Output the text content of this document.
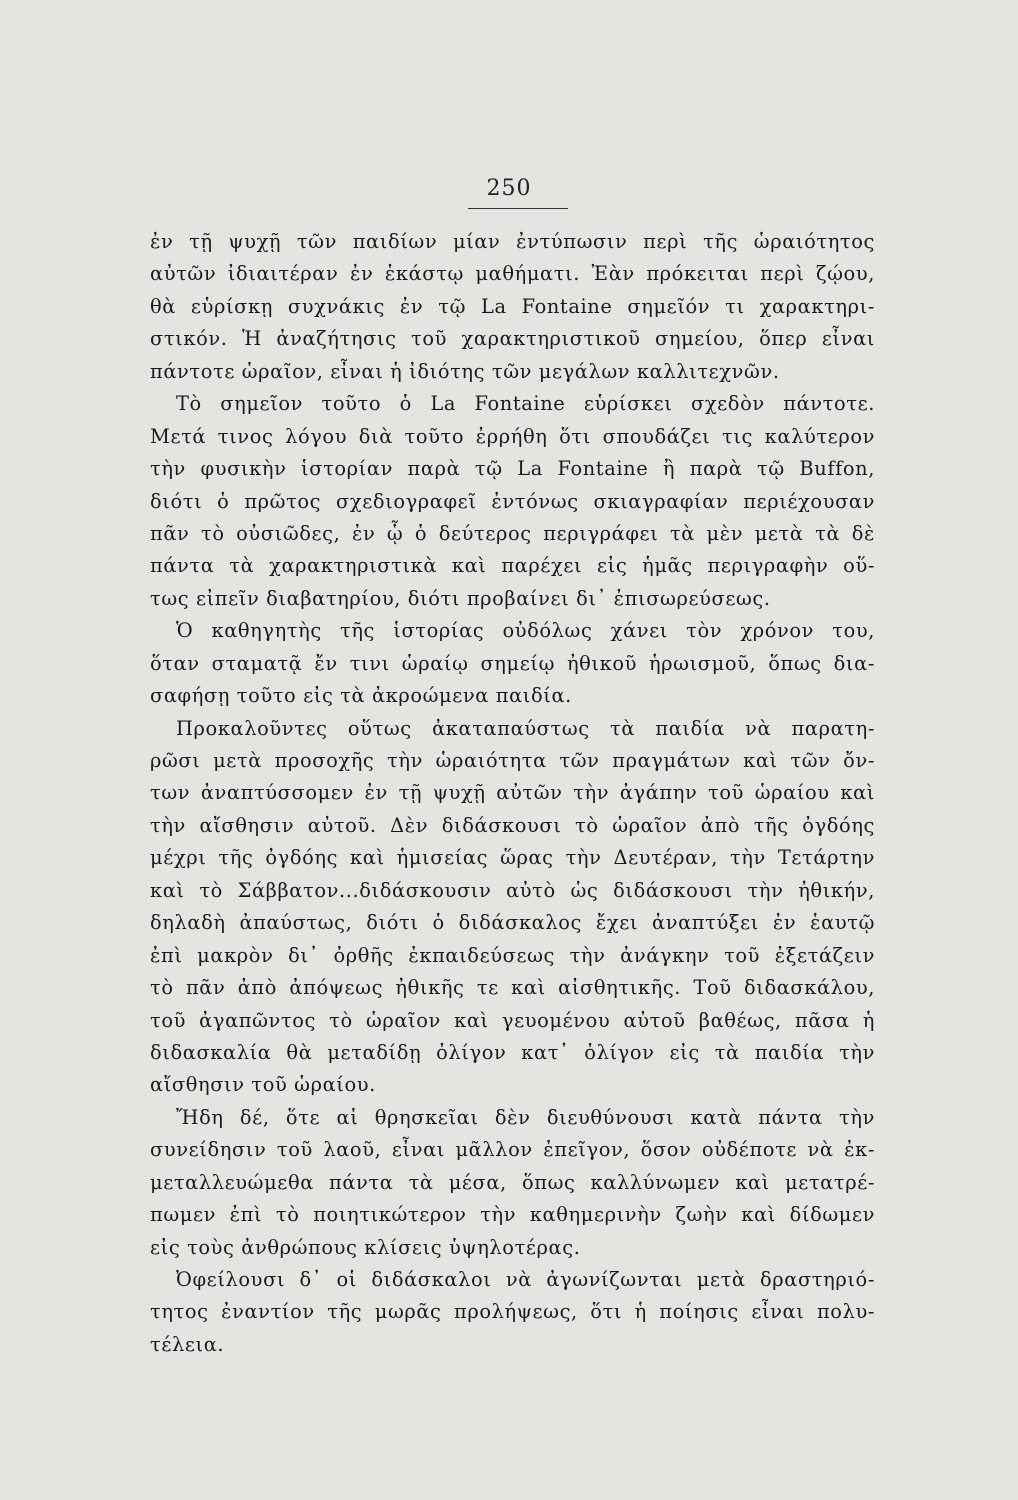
250
ἐν τῇ ψυχῇ τῶν παιδίων μίαν ἐντύπωσιν περὶ τῆς ὡραιότητος
αὐτῶν ἰδιαιτέραν ἐν ἑκάστῳ μαθήματι. Ἐὰν πρόκειται περὶ ζῴου,
θὰ εὑρίσκῃ συχνάκις ἐν τῷ La Fontaine σημεῖόν τι χαρακτηρι-
στικόν. Ἡ ἀναζήτησις τοῦ χαρακτηριστικοῦ σημείου, ὅπερ εἶναι
πάντοτε ὡραῖον, εἶναι ἡ ἰδιότης τῶν μεγάλων καλλιτεχνῶν.
Τὸ σημεῖον τοῦτο ὁ La Fontaine εὑρίσκει σχεδὸν πάντοτε.
Μετά τινος λόγου διὰ τοῦτο ἐρρήθη ὅτι σπουδάζει τις καλύτερον
τὴν φυσικὴν ἱστορίαν παρὰ τῷ La Fontaine ἢ παρὰ τῷ Buffon,
διότι ὁ πρῶτος σχεδιογραφεῖ ἐντόνως σκιαγραφίαν περιέχουσαν
πᾶν τὸ οὐσιῶδες, ἐν ᾧ ὁ δεύτερος περιγράφει τὰ μὲν μετὰ τὰ δὲ
πάντα τὰ χαρακτηριστικὰ καὶ παρέχει εἰς ἡμᾶς περιγραφὴν οὕ-
τως εἰπεῖν διαβατηρίου, διότι προβαίνει δι᾽ ἐπισωρεύσεως.
Ὁ καθηγητὴς τῆς ἱστορίας οὐδόλως χάνει τὸν χρόνον του,
ὅταν σταματᾷ ἔν τινι ὡραίῳ σημείῳ ἠθικοῦ ἡρωισμοῦ, ὅπως δια-
σαφήσῃ τοῦτο εἰς τὰ ἀκροώμενα παιδία.
Προκαλοῦντες οὕτως ἀκαταπαύστως τὰ παιδία νὰ παρατη-
ρῶσι μετὰ προσοχῆς τὴν ὡραιότητα τῶν πραγμάτων καὶ τῶν ὄν-
των ἀναπτύσσομεν ἐν τῇ ψυχῇ αὐτῶν τὴν ἀγάπην τοῦ ὡραίου καὶ
τὴν αἴσθησιν αὐτοῦ. Δὲν διδάσκουσι τὸ ὡραῖον ἀπὸ τῆς ὀγδόης
μέχρι τῆς ὀγδόης καὶ ἡμισείας ὥρας τὴν Δευτέραν, τὴν Τετάρτην
καὶ τὸ Σάββατον...διδάσκουσιν αὐτὸ ὡς διδάσκουσι τὴν ἠθικήν,
δηλαδὴ ἀπαύστως, διότι ὁ διδάσκαλος ἔχει ἀναπτύξει ἐν ἑαυτῷ
ἐπὶ μακρὸν δι᾽ ὀρθῆς ἐκπαιδεύσεως τὴν ἀνάγκην τοῦ ἐξετάζειν
τὸ πᾶν ἀπὸ ἀπόψεως ἠθικῆς τε καὶ αἰσθητικῆς. Τοῦ διδασκάλου,
τοῦ ἀγαπῶντος τὸ ὡραῖον καὶ γευομένου αὐτοῦ βαθέως, πᾶσα ἡ
διδασκαλία θὰ μεταδίδῃ ὀλίγον κατ᾽ ὀλίγον εἰς τὰ παιδία τὴν
αἴσθησιν τοῦ ὡραίου.
Ἤδη δέ, ὅτε αἱ θρησκεῖαι δὲν διευθύνουσι κατὰ πάντα τὴν
συνείδησιν τοῦ λαοῦ, εἶναι μᾶλλον ἐπεῖγον, ὅσον οὐδέποτε νὰ ἐκ-
μεταλλευώμεθα πάντα τὰ μέσα, ὅπως καλλύνωμεν καὶ μετατρέ-
πωμεν ἐπὶ τὸ ποιητικώτερον τὴν καθημερινὴν ζωὴν καὶ δίδωμεν
εἰς τοὺς ἀνθρώπους κλίσεις ὑψηλοτέρας.
Ὀφείλουσι δ᾽ οἱ διδάσκαλοι νὰ ἀγωνίζωνται μετὰ δραστηριό-
τητος ἐναντίον τῆς μωρᾶς προλήψεως, ὅτι ἡ ποίησις εἶναι πολυ-
τέλεια.
